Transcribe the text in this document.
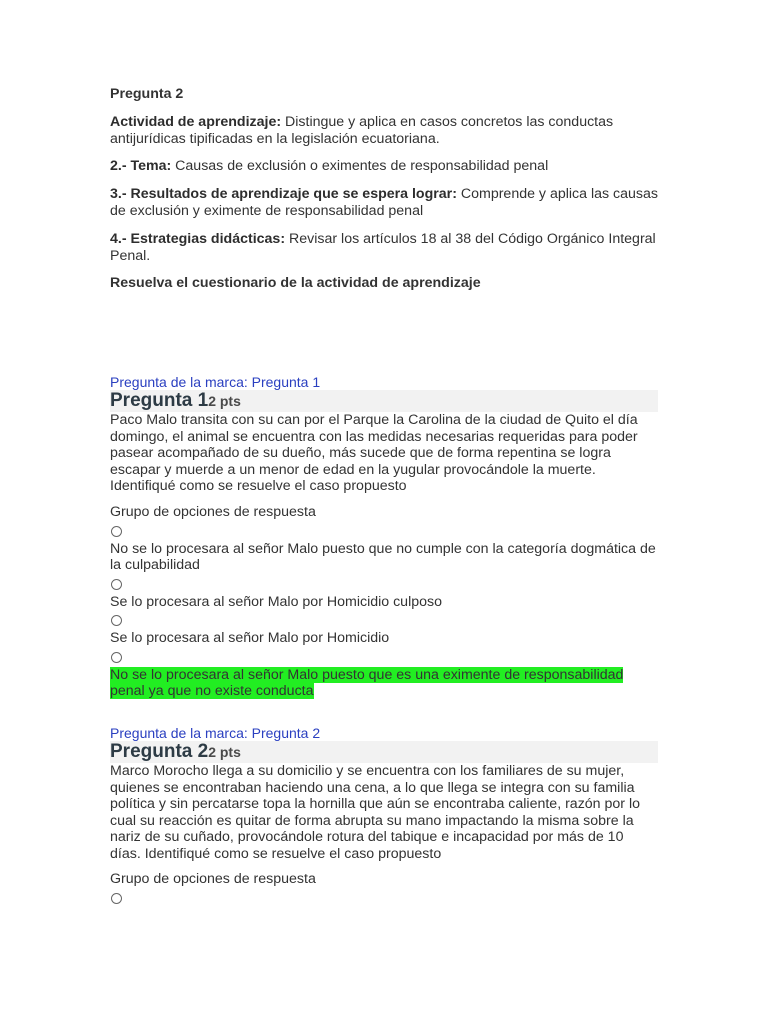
Pregunta 2

Actividad de aprendizaje: Distingue y aplica en casos concretos las conductas antijurídicas tipificadas en la legislación ecuatoriana.

2.- Tema: Causas de exclusión o eximentes de responsabilidad penal

3.- Resultados de aprendizaje que se espera lograr: Comprende y aplica las causas de exclusión y eximente de responsabilidad penal

4.- Estrategias didácticas: Revisar los artículos 18 al 38 del Código Orgánico Integral Penal.

Resuelva el cuestionario de la actividad de aprendizaje

Pregunta de la marca: Pregunta 1

Pregunta 12 pts

Paco Malo transita con su can por el Parque la Carolina de la ciudad de Quito el día domingo, el animal se encuentra con las medidas necesarias requeridas para poder pasear acompañado de su dueño, más sucede que de forma repentina se logra escapar y muerde a un menor de edad en la yugular provocándole la muerte. Identifiqué como se resuelve el caso propuesto

Grupo de opciones de respuesta

No se lo procesara al señor Malo puesto que no cumple con la categoría dogmática de la culpabilidad

Se lo procesara al señor Malo por Homicidio culposo

Se lo procesara al señor Malo por Homicidio

No se lo procesara al señor Malo puesto que es una eximente de responsabilidad penal ya que no existe conducta

Pregunta de la marca: Pregunta 2

Pregunta 22 pts

Marco Morocho llega a su domicilio y se encuentra con los familiares de su mujer, quienes se encontraban haciendo una cena, a lo que llega se integra con su familia política y sin percatarse topa la hornilla que aún se encontraba caliente, razón por lo cual su reacción es quitar de forma abrupta su mano impactando la misma sobre la nariz de su cuñado, provocándole rotura del tabique e incapacidad por más de 10 días. Identifiqué como se resuelve el caso propuesto

Grupo de opciones de respuesta
